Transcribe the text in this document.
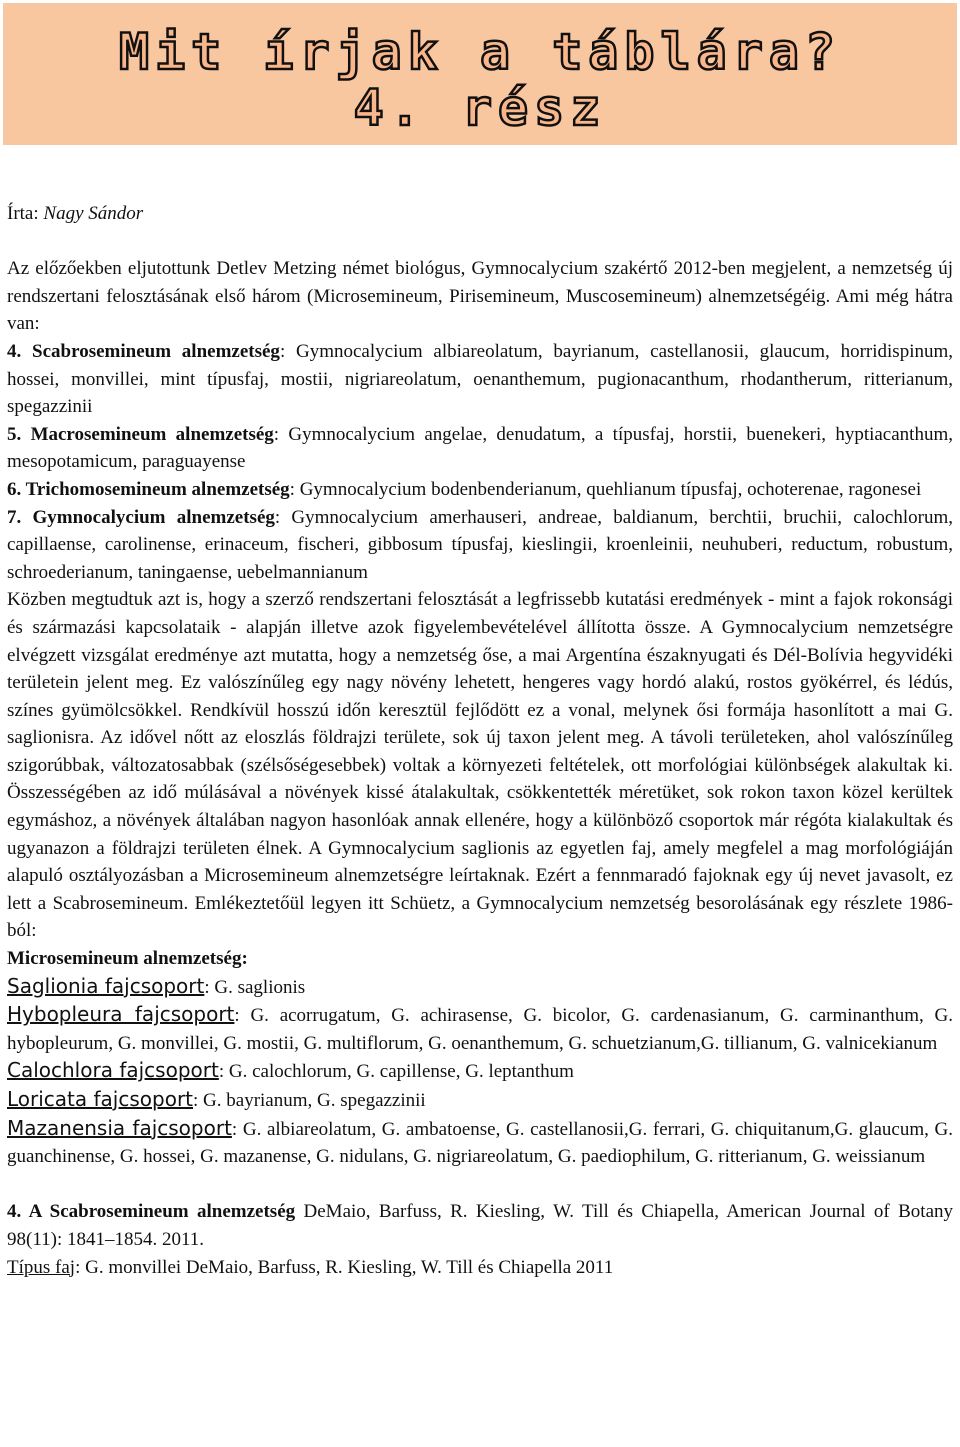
Mit írjak a táblára?
4. rész

Írta: Nagy Sándor

Az előzőekben eljutottunk Detlev Metzing német biológus, Gymnocalycium szakértő 2012-ben megjelent, a nemzetség új rendszertani felosztásának első három (Microsemineum, Pirisemineum, Muscosemineum) alnemzetségéig. Ami még hátra van:

4. Scabrosemineum alnemzetség: Gymnocalycium albiareolatum, bayrianum, castellanosii, glaucum, horridispinum, hossei, monvillei, mint típusfaj, mostii, nigriareolatum, oenanthemum, pugionacanthum, rhodantherum, ritterianum, spegazzinii

5. Macrosemineum alnemzetség: Gymnocalycium angelae, denudatum, a típusfaj, horstii, buenekeri, hyptiacanthum, mesopotamicum, paraguayense

6. Trichomosemineum alnemzetség: Gymnocalycium bodenbenderianum, quehlianum típusfaj, ochoterenae, ragonesei

7. Gymnocalycium alnemzetség: Gymnocalycium amerhauseri, andreae, baldianum, berchtii, bruchii, calochlorum, capillaense, carolinense, erinaceum, fischeri, gibbosum típusfaj, kieslingii, kroenleinii, neuhuberi, reductum, robustum, schroederianum, taningaense, uebelmannianum

Közben megtudtuk azt is, hogy a szerző rendszertani felosztását a legfrissebb kutatási eredmények - mint a fajok rokonsági és származási kapcsolataik - alapján illetve azok figyelembevételével állította össze. A Gymnocalycium nemzetségre elvégzett vizsgálat eredménye azt mutatta, hogy a nemzetség őse, a mai Argentína északnyugati és Dél-Bolívia hegyvidéki területein jelent meg. Ez valószínűleg egy nagy növény lehetett, hengeres vagy hordó alakú, rostos gyökérrel, és lédús, színes gyümölcsökkel. Rendkívül hosszú időn keresztül fejlődött ez a vonal, melynek ősi formája hasonlított a mai G. saglionisra. Az idővel nőtt az eloszlás földrajzi területe, sok új taxon jelent meg. A távoli területeken, ahol valószínűleg szigorúbbak, változatosabbak (szélsőségesebbek) voltak a környezeti feltételek, ott morfológiai különbségek alakultak ki. Összességében az idő múlásával a növények kissé átalakultak, csökkentették méretüket, sok rokon taxon közel kerültek egymáshoz, a növények általában nagyon hasonlóak annak ellenére, hogy a különböző csoportok már régóta kialakultak és ugyanazon a földrajzi területen élnek. A Gymnocalycium saglionis az egyetlen faj, amely megfelel a mag morfológiáján alapuló osztályozásban a Microsemineum alnemzetségre leírtaknak. Ezért a fennmaradó fajoknak egy új nevet javasolt, ez lett a Scabrosemineum. Emlékeztetőül legyen itt Schüetz, a Gymnocalycium nemzetség besorolásának egy részlete 1986-ból:

Microsemineum alnemzetség:

Saglionia fajcsoport: G. saglionis

Hybopleura fajcsoport: G. acorrugatum, G. achirasense, G. bicolor, G. cardenasianum, G. carminanthum, G. hybopleurum, G. monvillei, G. mostii, G. multiflorum, G. oenanthemum, G. schuetzianum,G. tillianum, G. valnicekianum

Calochlora fajcsoport: G. calochlorum, G. capillense, G. leptanthum

Loricata fajcsoport: G. bayrianum, G. spegazzinii

Mazanensia fajcsoport: G. albiareolatum, G. ambatoense, G. castellanosii,G. ferrari, G. chiquitanum,G. glaucum, G. guanchinense, G. hossei, G. mazanense, G. nidulans, G. nigriareolatum, G. paediophilum, G. ritterianum, G. weissianum

4. A Scabrosemineum alnemzetség DeMaio, Barfuss, R. Kiesling, W. Till és Chiapella, American Journal of Botany 98(11): 1841–1854. 2011.

Típus faj: G. monvillei DeMaio, Barfuss, R. Kiesling, W. Till és Chiapella 2011
